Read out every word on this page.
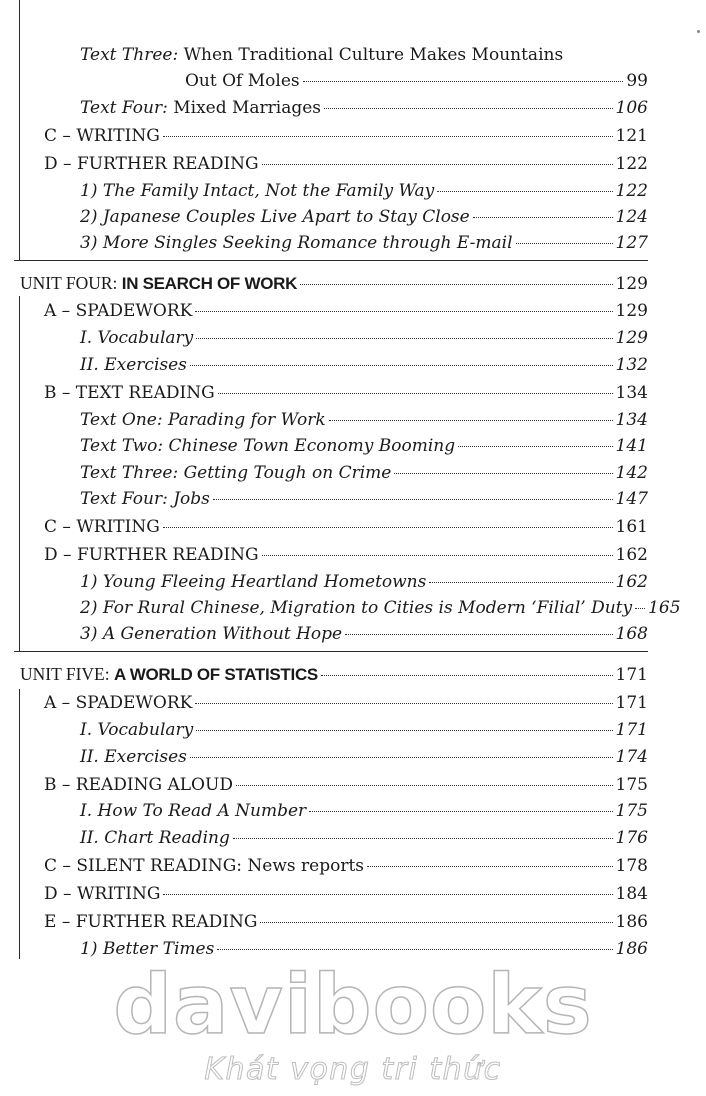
Text Three: When Traditional Culture Makes Mountains
Out Of Moles	99
Text Four: Mixed Marriages	106
C – WRITING	121
D – FURTHER READING	122
1) The Family Intact, Not the Family Way	122
2) Japanese Couples Live Apart to Stay Close	124
3) More Singles Seeking Romance through E-mail	127
UNIT FOUR: IN SEARCH OF WORK	129
A – SPADEWORK	129
I. Vocabulary	129
II. Exercises	132
B – TEXT READING	134
Text One: Parading for Work	134
Text Two: Chinese Town Economy Booming	141
Text Three: Getting Tough on Crime	142
Text Four: Jobs	147
C – WRITING	161
D – FURTHER READING	162
1) Young Fleeing Heartland Hometowns	162
2) For Rural Chinese, Migration to Cities is Modern ‘Filial’ Duty 165
3) A Generation Without Hope	168
UNIT FIVE: A WORLD OF STATISTICS	171
A – SPADEWORK	171
I. Vocabulary	171
II. Exercises	174
B – READING ALOUD	175
I. How To Read A Number	175
II. Chart Reading	176
C – SILENT READING: News reports	178
D – WRITING	184
E – FURTHER READING	186
1) Better Times	186
davibooks
Khát vọng tri thức
